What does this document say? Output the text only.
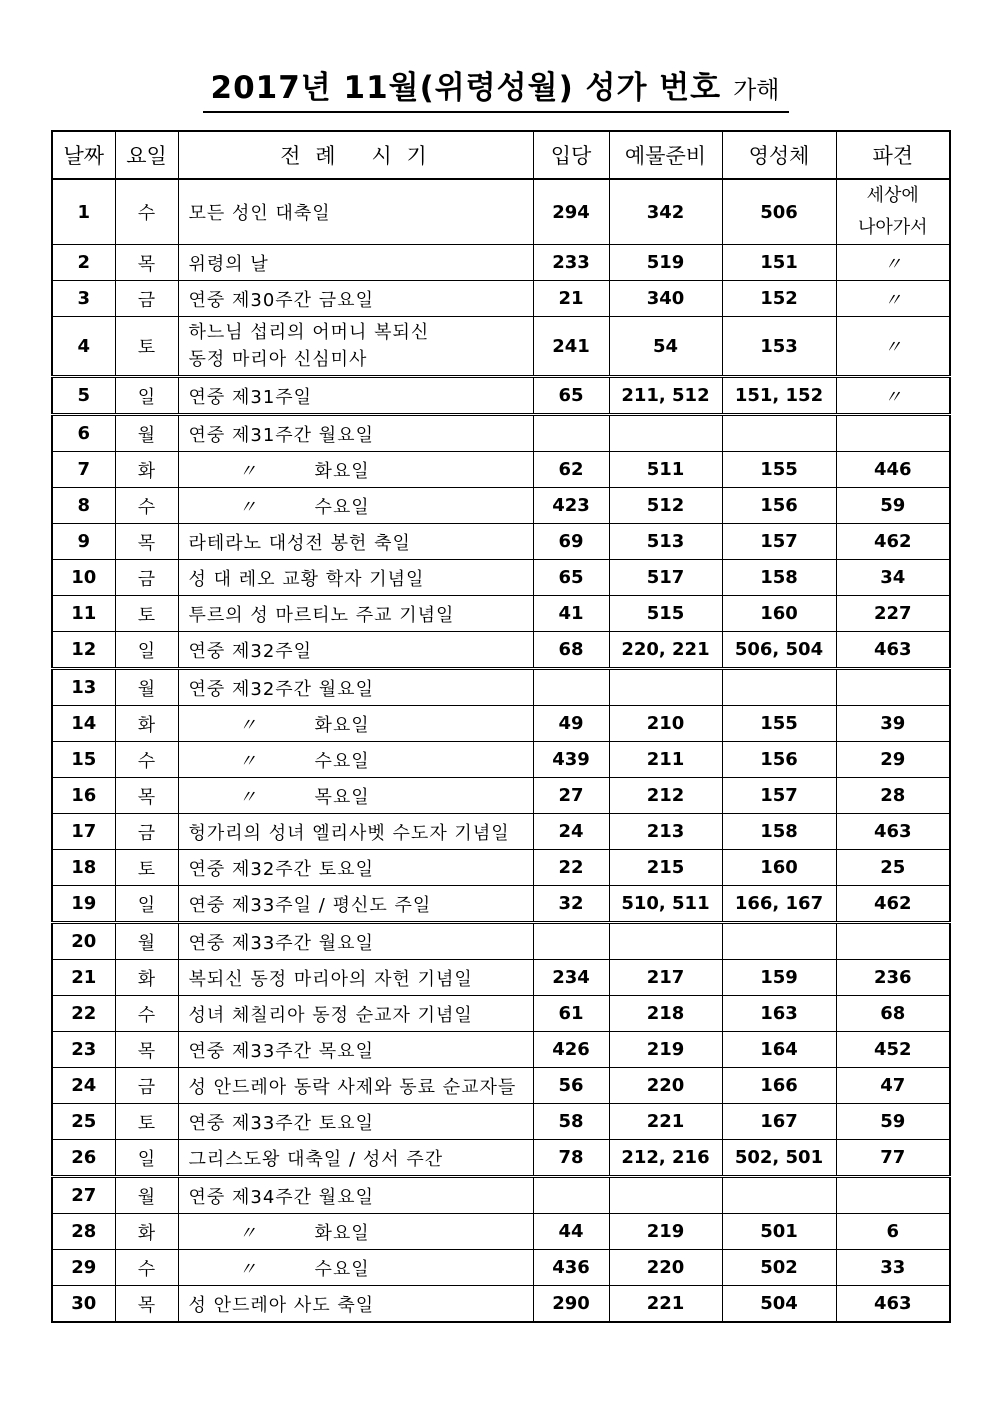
2017년 11월(위령성월) 성가 번호 가해
날짜	요일	전 례   시 기	입당	예물준비	영성체	파견
1	수	모든 성인 대축일	294	342	506	세상에
나아가서

2	목	위령의 날	233	519	151	〃
3	금	연중 제30주간 금요일	21	340	152	〃
4	토	하느님 섭리의 어머니 복되신
동정 마리아 신심미사	241	54	153	〃
5	일	연중 제31주일	65	211, 512	151, 152	〃
6	월	연중 제31주간 월요일				
7	화	〃 화요일	62	511	155	446
8	수	〃 수요일	423	512	156	59
9	목	라테라노 대성전 봉헌 축일	69	513	157	462
10	금	성 대 레오 교황 학자 기념일	65	517	158	34
11	토	투르의 성 마르티노 주교 기념일	41	515	160	227
12	일	연중 제32주일	68	220, 221	506, 504	463
13	월	연중 제32주간 월요일				
14	화	〃 화요일	49	210	155	39
15	수	〃 수요일	439	211	156	29
16	목	〃 목요일	27	212	157	28
17	금	헝가리의 성녀 엘리사벳 수도자 기념일	24	213	158	463
18	토	연중 제32주간 토요일	22	215	160	25
19	일	연중 제33주일 / 평신도 주일	32	510, 511	166, 167	462
20	월	연중 제33주간 월요일				
21	화	복되신 동정 마리아의 자헌 기념일	234	217	159	236
22	수	성녀 체칠리아 동정 순교자 기념일	61	218	163	68
23	목	연중 제33주간 목요일	426	219	164	452
24	금	성 안드레아 동락 사제와 동료 순교자들	56	220	166	47
25	토	연중 제33주간 토요일	58	221	167	59
26	일	그리스도왕 대축일 / 성서 주간	78	212, 216	502, 501	77
27	월	연중 제34주간 월요일				
28	화	〃 화요일	44	219	501	6
29	수	〃 수요일	436	220	502	33
30	목	성 안드레아 사도 축일	290	221	504	463
